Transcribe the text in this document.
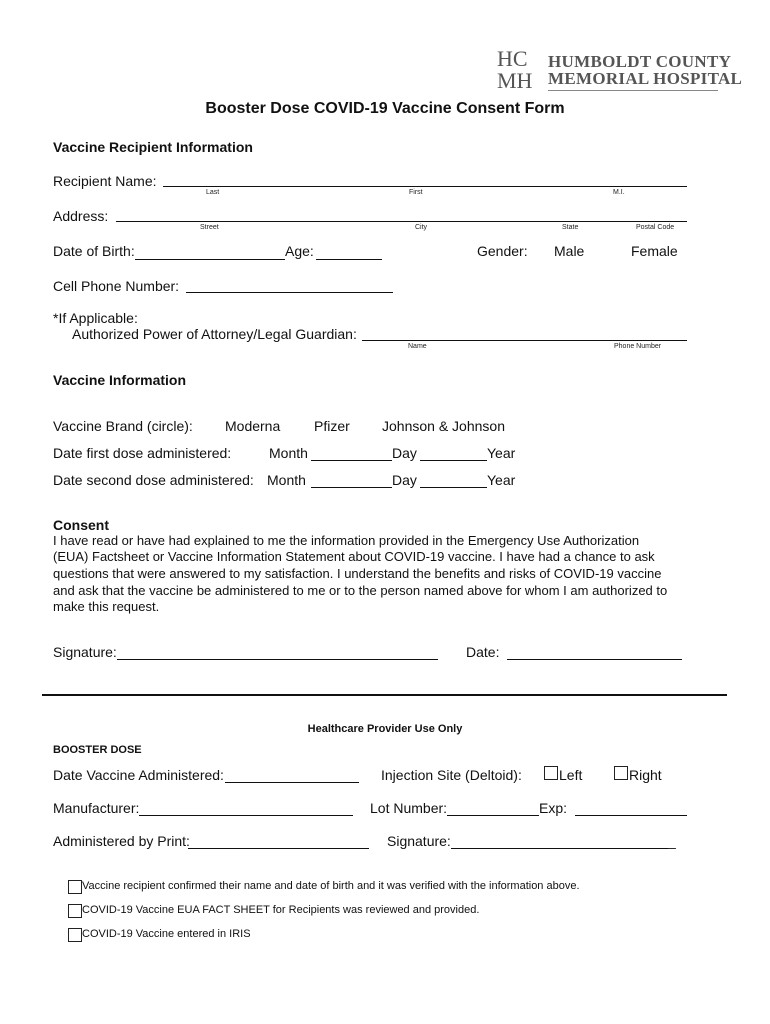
HC
MH
HUMBOLDT COUNTY
MEMORIAL HOSPITAL
Booster Dose COVID-19 Vaccine Consent Form
Vaccine Recipient Information
Recipient Name:
Last	First	M.I.
Address:
Street	City	State	Postal Code
Date of Birth:	Age:	Gender: Male	Female
Cell Phone Number:
*If Applicable:
Authorized Power of Attorney/Legal Guardian:
Name	Phone Number
Vaccine Information
Vaccine Brand (circle): Moderna Pfizer Johnson & Johnson
Date first dose administered:	Month	Day	Year
Date second dose administered: Month	Day	Year
Consent
I have read or have had explained to me the information provided in the Emergency Use Authorization
(EUA) Factsheet or Vaccine Information Statement about COVID-19 vaccine. I have had a chance to ask
questions that were answered to my satisfaction. I understand the benefits and risks of COVID-19 vaccine
and ask that the vaccine be administered to me or to the person named above for whom I am authorized to
make this request.
Signature:	Date:
Healthcare Provider Use Only
BOOSTER DOSE
Date Vaccine Administered:	Injection Site (Deltoid):	Left	Right
Manufacturer:	Lot Number:	Exp:
Administered by Print:	Signature:	_
Vaccine recipient confirmed their name and date of birth and it was verified with the information above.
COVID-19 Vaccine EUA FACT SHEET for Recipients was reviewed and provided.
COVID-19 Vaccine entered in IRIS
